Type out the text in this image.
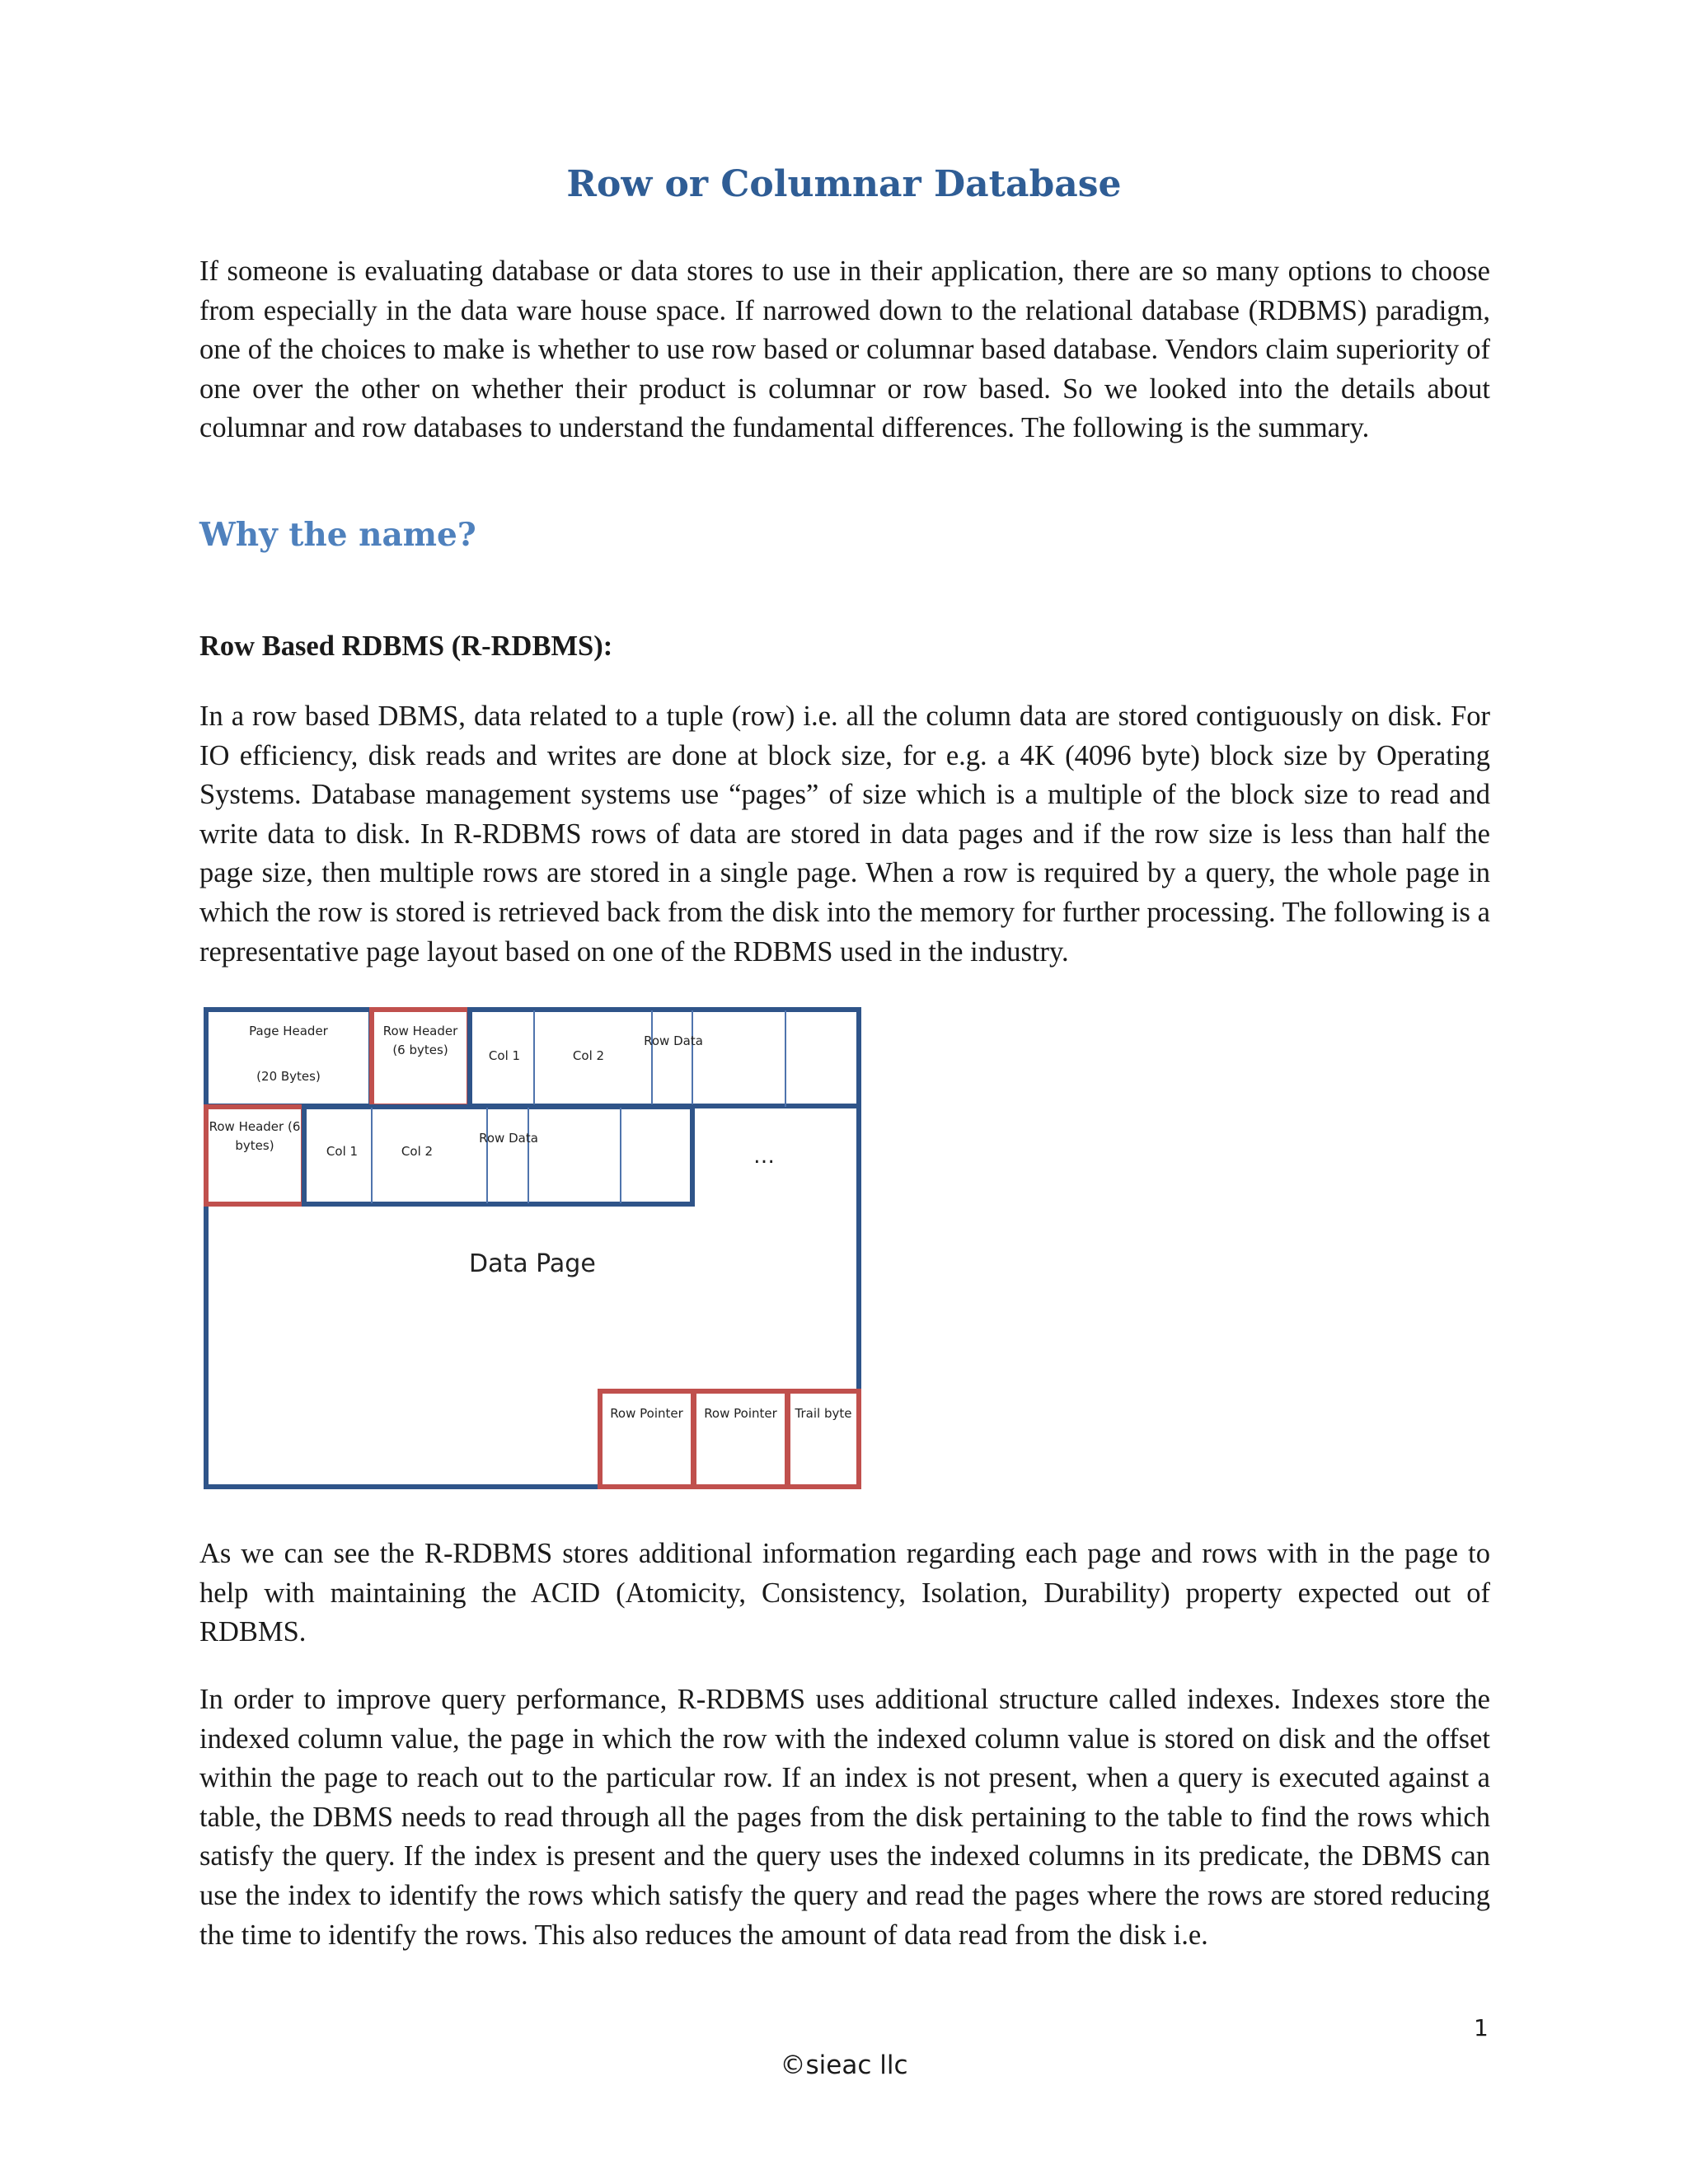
Row or Columnar Database

If someone is evaluating database or data stores to use in their application, there are so many options to choose from especially in the data ware house space. If narrowed down to the relational database (RDBMS) paradigm, one of the choices to make is whether to use row based or columnar based database. Vendors claim superiority of one over the other on whether their product is columnar or row based. So we looked into the details about columnar and row databases to understand the fundamental differences. The following is the summary.

Why the name?
Row Based RDBMS (R-RDBMS):

In a row based DBMS, data related to a tuple (row) i.e. all the column data are stored contiguously on disk. For IO efficiency, disk reads and writes are done at block size, for e.g. a 4K (4096 byte) block size by Operating Systems. Database management systems use “pages” of size which is a multiple of the block size to read and write data to disk. In R-RDBMS rows of data are stored in data pages and if the row size is less than half the page size, then multiple rows are stored in a single page. When a row is required by a query, the whole page in which the row is stored is retrieved back from the disk into the memory for further processing. The following is a representative page layout based on one of the RDBMS used in the industry.

Page Header
(20 Bytes)
Row Header (6 bytes)	Col 1	Col 2
Row Data
Row Header (6 bytes)	Col 1	Col 2
Row Data
…
Data Page
Row Pointer	Row Pointer	Trail byte

As we can see the R-RDBMS stores additional information regarding each page and rows with in the page to help with maintaining the ACID (Atomicity, Consistency, Isolation, Durability) property expected out of RDBMS.

In order to improve query performance, R-RDBMS uses additional structure called indexes. Indexes store the indexed column value, the page in which the row with the indexed column value is stored on disk and the offset within the page to reach out to the particular row. If an index is not present, when a query is executed against a table, the DBMS needs to read through all the pages from the disk pertaining to the table to find the rows which satisfy the query. If the index is present and the query uses the indexed columns in its predicate, the DBMS can use the index to identify the rows which satisfy the query and read the pages where the rows are stored reducing the time to identify the rows. This also reduces the amount of data read from the disk i.e.

1

©sieac llc
